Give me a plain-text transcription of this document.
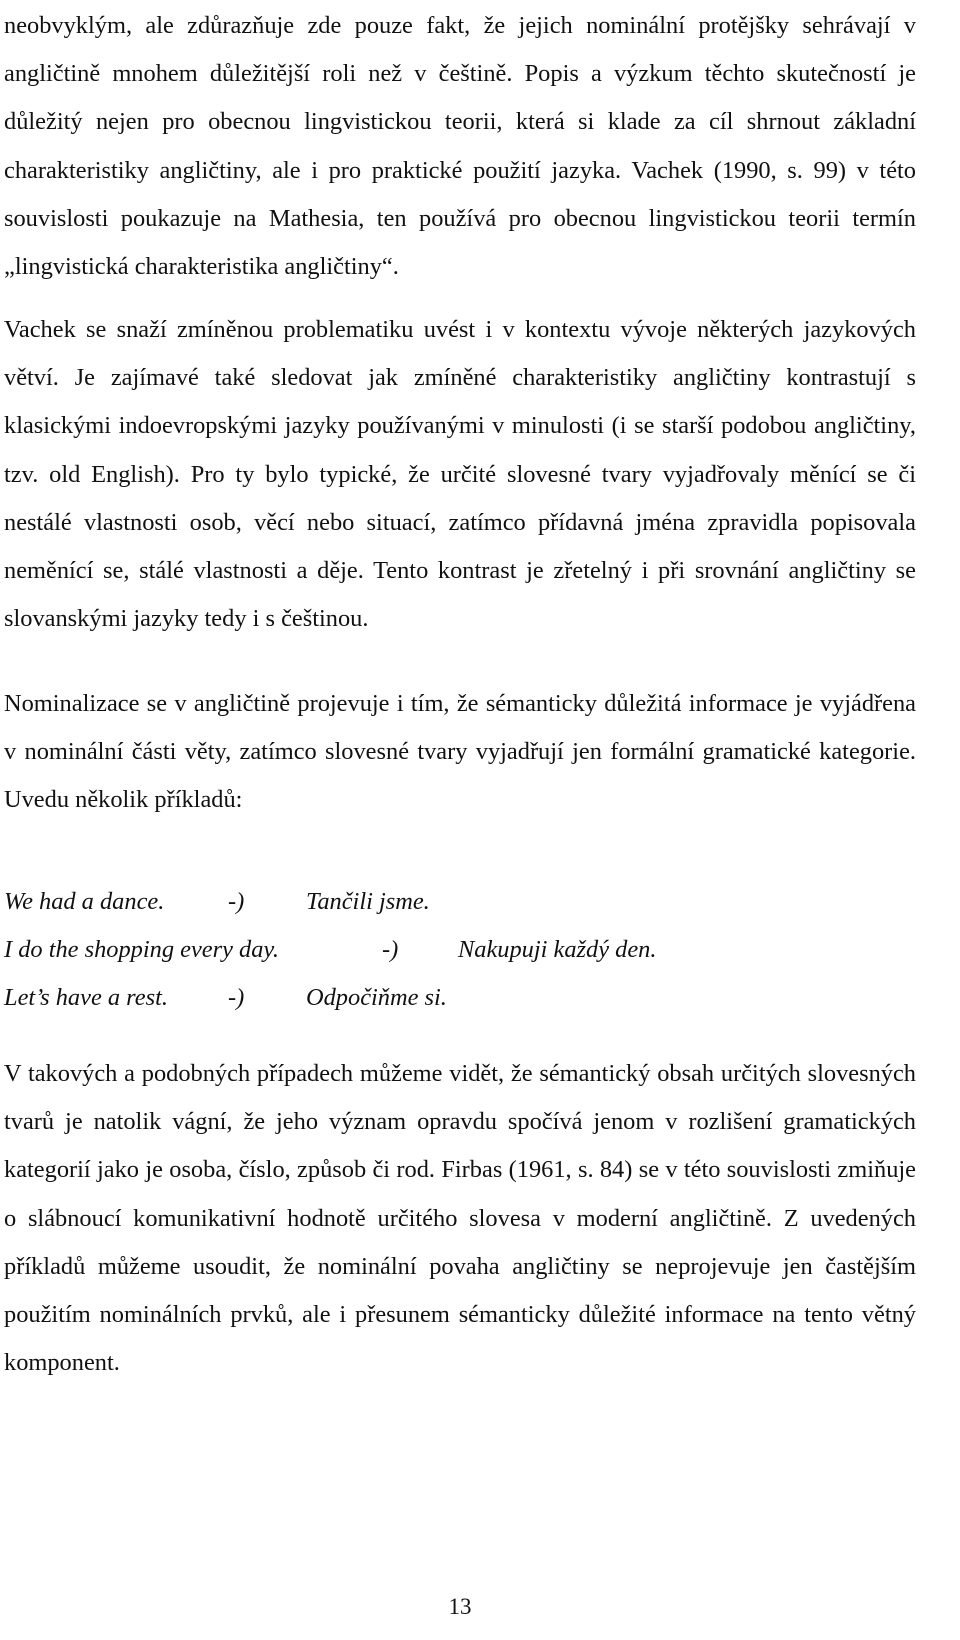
neobvyklým, ale zdůrazňuje zde pouze fakt, že jejich nominální protějšky sehrávají v angličtině mnohem důležitější roli než v češtině. Popis a výzkum těchto skutečností je důležitý nejen pro obecnou lingvistickou teorii, která si klade za cíl shrnout základní charakteristiky angličtiny, ale i pro praktické použití jazyka. Vachek (1990, s. 99) v této souvislosti poukazuje na Mathesia, ten používá pro obecnou lingvistickou teorii termín „lingvistická charakteristika angličtiny“.

Vachek se snaží zmíněnou problematiku uvést i v kontextu vývoje některých jazykových větví. Je zajímavé také sledovat jak zmíněné charakteristiky angličtiny kontrastují s klasickými indoevropskými jazyky používanými v minulosti (i se starší podobou angličtiny, tzv. old English). Pro ty bylo typické, že určité slovesné tvary vyjadřovaly měnící se či nestálé vlastnosti osob, věcí nebo situací, zatímco přídavná jména zpravidla popisovala neměnící se, stálé vlastnosti a děje. Tento kontrast je zřetelný i při srovnání angličtiny se slovanskými jazyky tedy i s češtinou.

Nominalizace se v angličtině projevuje i tím, že sémanticky důležitá informace je vyjádřena v nominální části věty, zatímco slovesné tvary vyjadřují jen formální gramatické kategorie. Uvedu několik příkladů:

We had a dance.	-)	Tančili jsme.
I do the shopping every day.	-) Nakupuji každý den.
Let’s have a rest. -)	Odpočiňme si.

V takových a podobných případech můžeme vidět, že sémantický obsah určitých slovesných tvarů je natolik vágní, že jeho význam opravdu spočívá jenom v rozlišení gramatických kategorií jako je osoba, číslo, způsob či rod. Firbas (1961, s. 84) se v této souvislosti zmiňuje o slábnoucí komunikativní hodnotě určitého slovesa v moderní angličtině. Z uvedených příkladů můžeme usoudit, že nominální povaha angličtiny se neprojevuje jen častějším použitím nominálních prvků, ale i přesunem sémanticky důležité informace na tento větný komponent.

13
